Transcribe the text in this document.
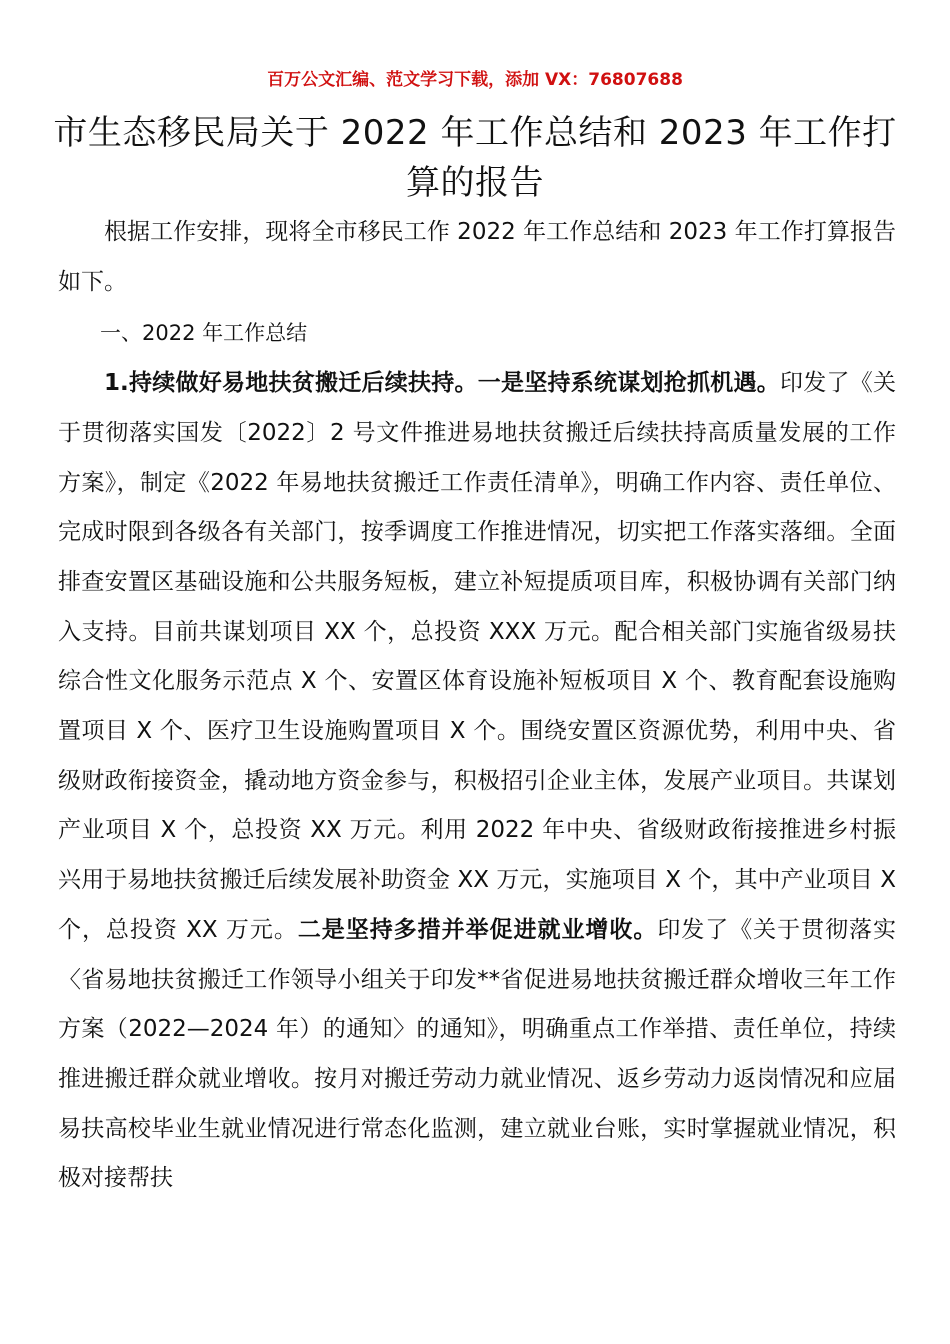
百万公文汇编、范文学习下载，添加 VX：76807688
市生态移民局关于 2022 年工作总结和 2023 年工作打算的报告

根据工作安排，现将全市移民工作 2022 年工作总结和 2023 年工作打算报告如下。

一、2022 年工作总结

1.持续做好易地扶贫搬迁后续扶持。一是坚持系统谋划抢抓机遇。印发了《关于贯彻落实国发〔2022〕2 号文件推进易地扶贫搬迁后续扶持高质量发展的工作方案》，制定《2022 年易地扶贫搬迁工作责任清单》，明确工作内容、责任单位、完成时限到各级各有关部门，按季调度工作推进情况，切实把工作落实落细。全面排查安置区基础设施和公共服务短板，建立补短提质项目库，积极协调有关部门纳入支持。目前共谋划项目 XX 个，总投资 XXX 万元。配合相关部门实施省级易扶综合性文化服务示范点 X 个、安置区体育设施补短板项目 X 个、教育配套设施购置项目 X 个、医疗卫生设施购置项目 X 个。围绕安置区资源优势，利用中央、省级财政衔接资金，撬动地方资金参与，积极招引企业主体，发展产业项目。共谋划产业项目 X 个，总投资 XX 万元。利用 2022 年中央、省级财政衔接推进乡村振兴用于易地扶贫搬迁后续发展补助资金 XX 万元，实施项目 X 个，其中产业项目 X 个，总投资 XX 万元。二是坚持多措并举促进就业增收。印发了《关于贯彻落实〈省易地扶贫搬迁工作领导小组关于印发**省促进易地扶贫搬迁群众增收三年工作方案（2022—2024 年）的通知〉的通知》，明确重点工作举措、责任单位，持续推进搬迁群众就业增收。按月对搬迁劳动力就业情况、返乡劳动力返岗情况和应届易扶高校毕业生就业情况进行常态化监测，建立就业台账，实时掌握就业情况，积极对接帮扶
